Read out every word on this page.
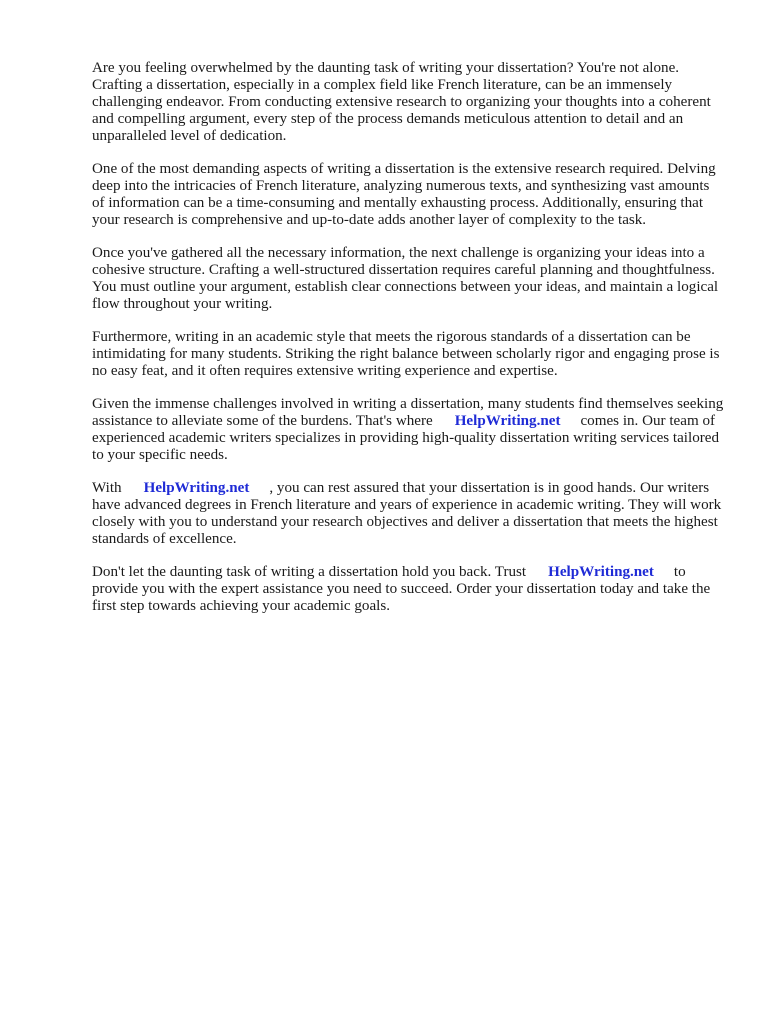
Are you feeling overwhelmed by the daunting task of writing your dissertation? You're not alone. Crafting a dissertation, especially in a complex field like French literature, can be an immensely challenging endeavor. From conducting extensive research to organizing your thoughts into a coherent and compelling argument, every step of the process demands meticulous attention to detail and an unparalleled level of dedication.

One of the most demanding aspects of writing a dissertation is the extensive research required. Delving deep into the intricacies of French literature, analyzing numerous texts, and synthesizing vast amounts of information can be a time-consuming and mentally exhausting process. Additionally, ensuring that your research is comprehensive and up-to-date adds another layer of complexity to the task.

Once you've gathered all the necessary information, the next challenge is organizing your ideas into a cohesive structure. Crafting a well-structured dissertation requires careful planning and thoughtfulness. You must outline your argument, establish clear connections between your ideas, and maintain a logical flow throughout your writing.

Furthermore, writing in an academic style that meets the rigorous standards of a dissertation can be intimidating for many students. Striking the right balance between scholarly rigor and engaging prose is no easy feat, and it often requires extensive writing experience and expertise.

Given the immense challenges involved in writing a dissertation, many students find themselves seeking assistance to alleviate some of the burdens. That's where HelpWriting.net comes in. Our team of experienced academic writers specializes in providing high-quality dissertation writing services tailored to your specific needs.

With HelpWriting.net , you can rest assured that your dissertation is in good hands. Our writers have advanced degrees in French literature and years of experience in academic writing. They will work closely with you to understand your research objectives and deliver a dissertation that meets the highest standards of excellence.

Don't let the daunting task of writing a dissertation hold you back. Trust HelpWriting.net to provide you with the expert assistance you need to succeed. Order your dissertation today and take the first step towards achieving your academic goals.
